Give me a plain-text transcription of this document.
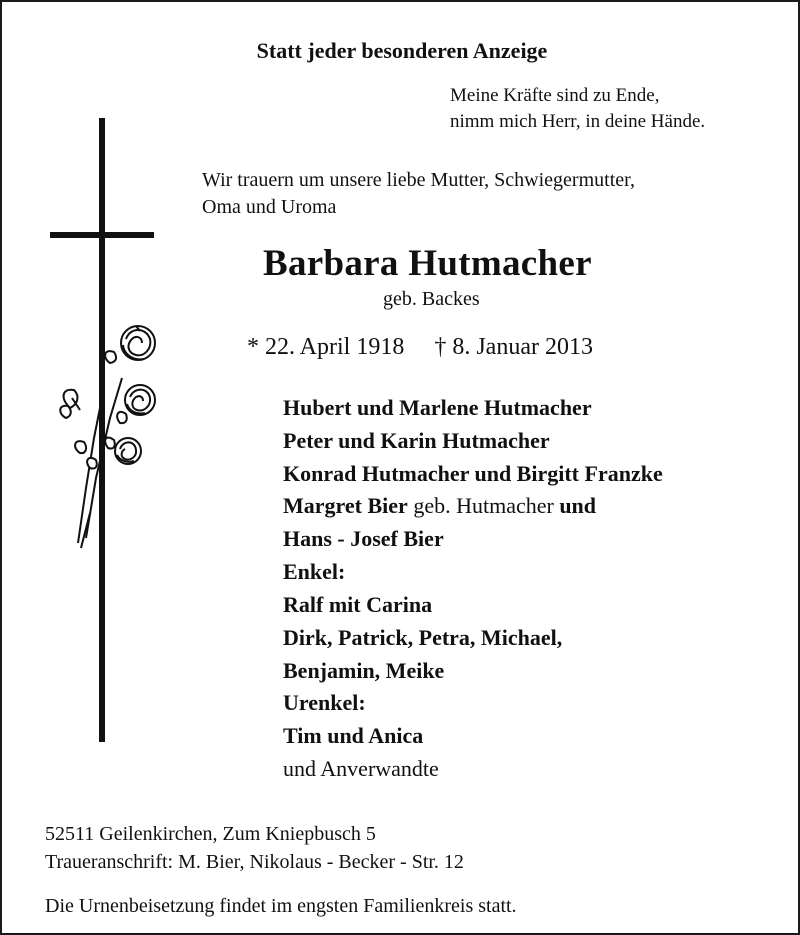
Statt jeder besonderen Anzeige
Meine Kräfte sind zu Ende,
nimm mich Herr, in deine Hände.
Wir trauern um unsere liebe Mutter, Schwiegermutter,
Oma und Uroma
Barbara Hutmacher
geb. Backes
* 22. April 1918 † 8. Januar 2013
Hubert und Marlene Hutmacher
Peter und Karin Hutmacher
Konrad Hutmacher und Birgitt Franzke
Margret Bier geb. Hutmacher und
Hans - Josef Bier
Enkel:
Ralf mit Carina
Dirk, Patrick, Petra, Michael,
Benjamin, Meike
Urenkel:
Tim und Anica
und Anverwandte
52511 Geilenkirchen, Zum Kniepbusch 5
Traueranschrift: M. Bier, Nikolaus - Becker - Str. 12
Die Urnenbeisetzung findet im engsten Familienkreis statt.
